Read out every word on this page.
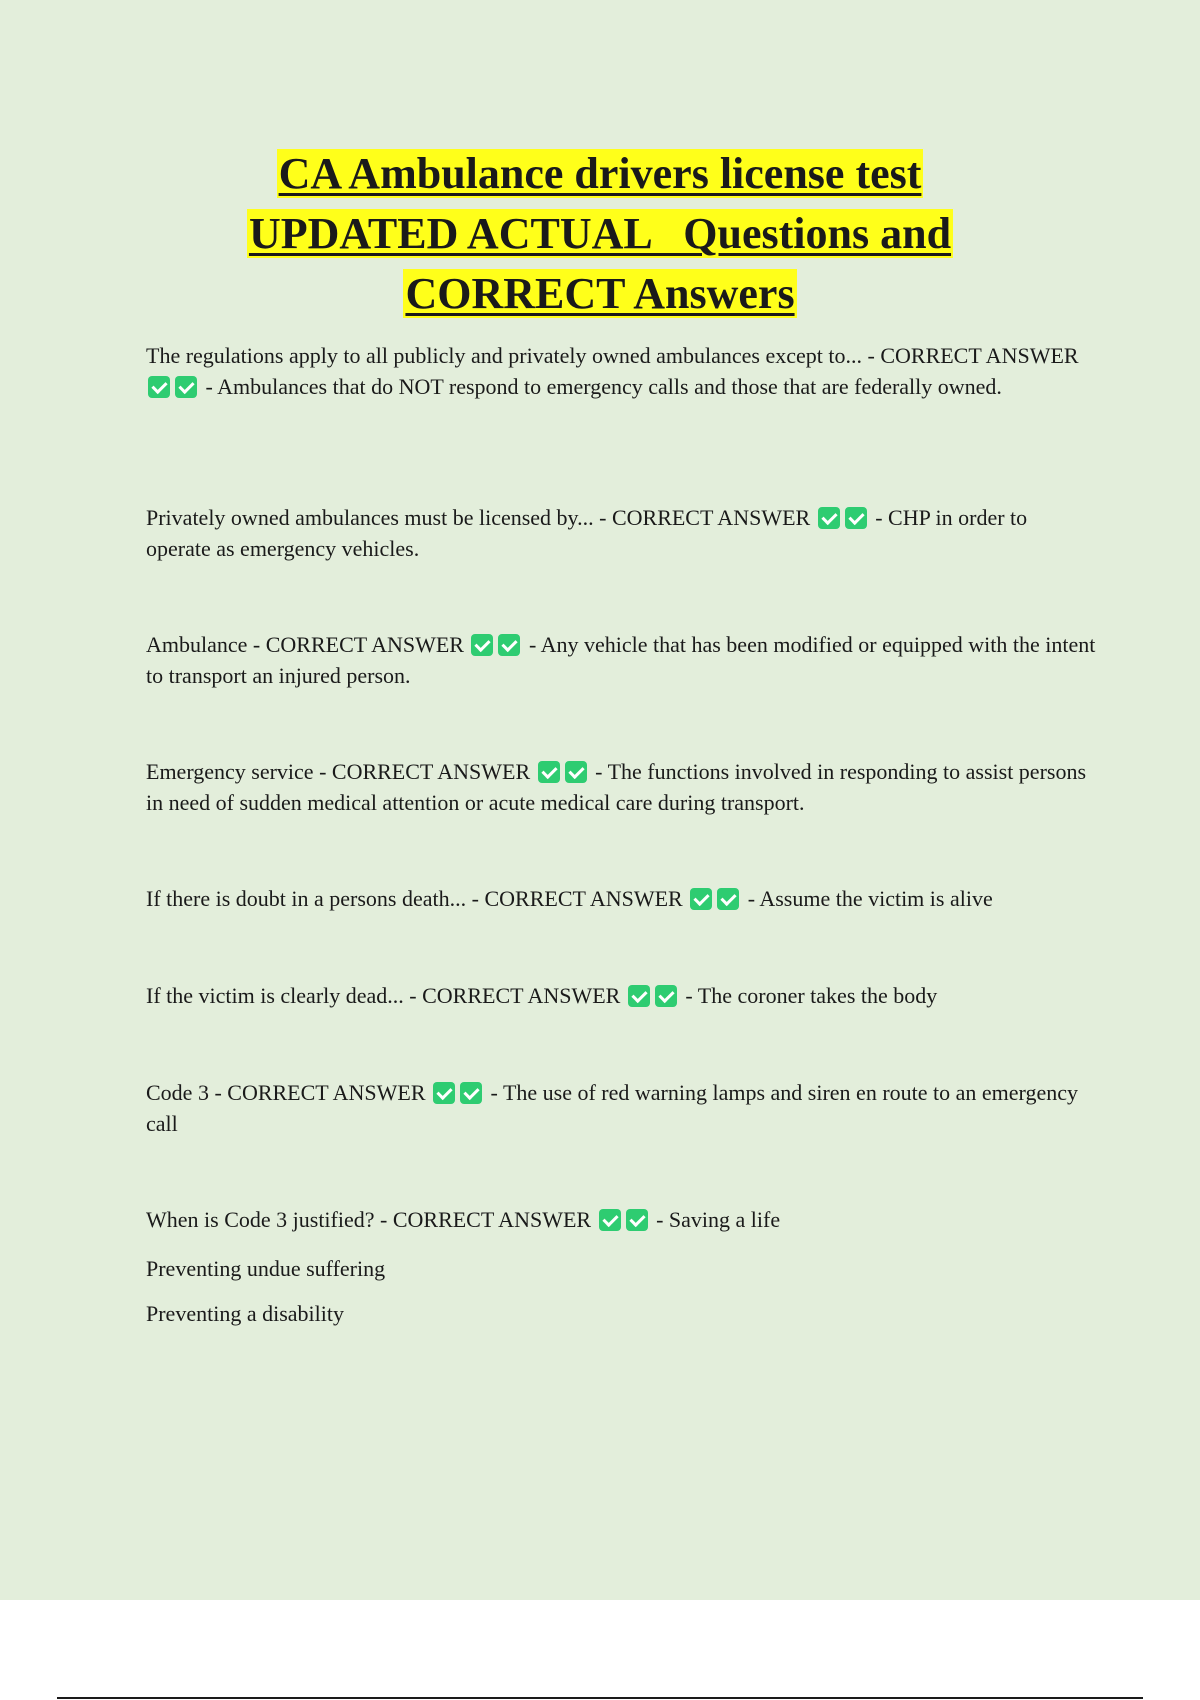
CA Ambulance drivers license test
UPDATED ACTUAL   Questions and
CORRECT Answers

The regulations apply to all publicly and privately owned ambulances except to... - CORRECT ANSWER  - Ambulances that do NOT respond to emergency calls and those that are federally owned.

Privately owned ambulances must be licensed by... - CORRECT ANSWER	- CHP in order to operate as emergency vehicles.

Ambulance - CORRECT ANSWER	- Any vehicle that has been modified or equipped with the intent to transport an injured person.

Emergency service - CORRECT ANSWER	- The functions involved in responding to assist persons in need of sudden medical attention or acute medical care during transport.

If there is doubt in a persons death... - CORRECT ANSWER	- Assume the victim is alive

If the victim is clearly dead... - CORRECT ANSWER	- The coroner takes the body

Code 3 - CORRECT ANSWER	- The use of red warning lamps and siren en route to an emergency call

When is Code 3 justified? - CORRECT ANSWER	- Saving a life

Preventing undue suffering

Preventing a disability
